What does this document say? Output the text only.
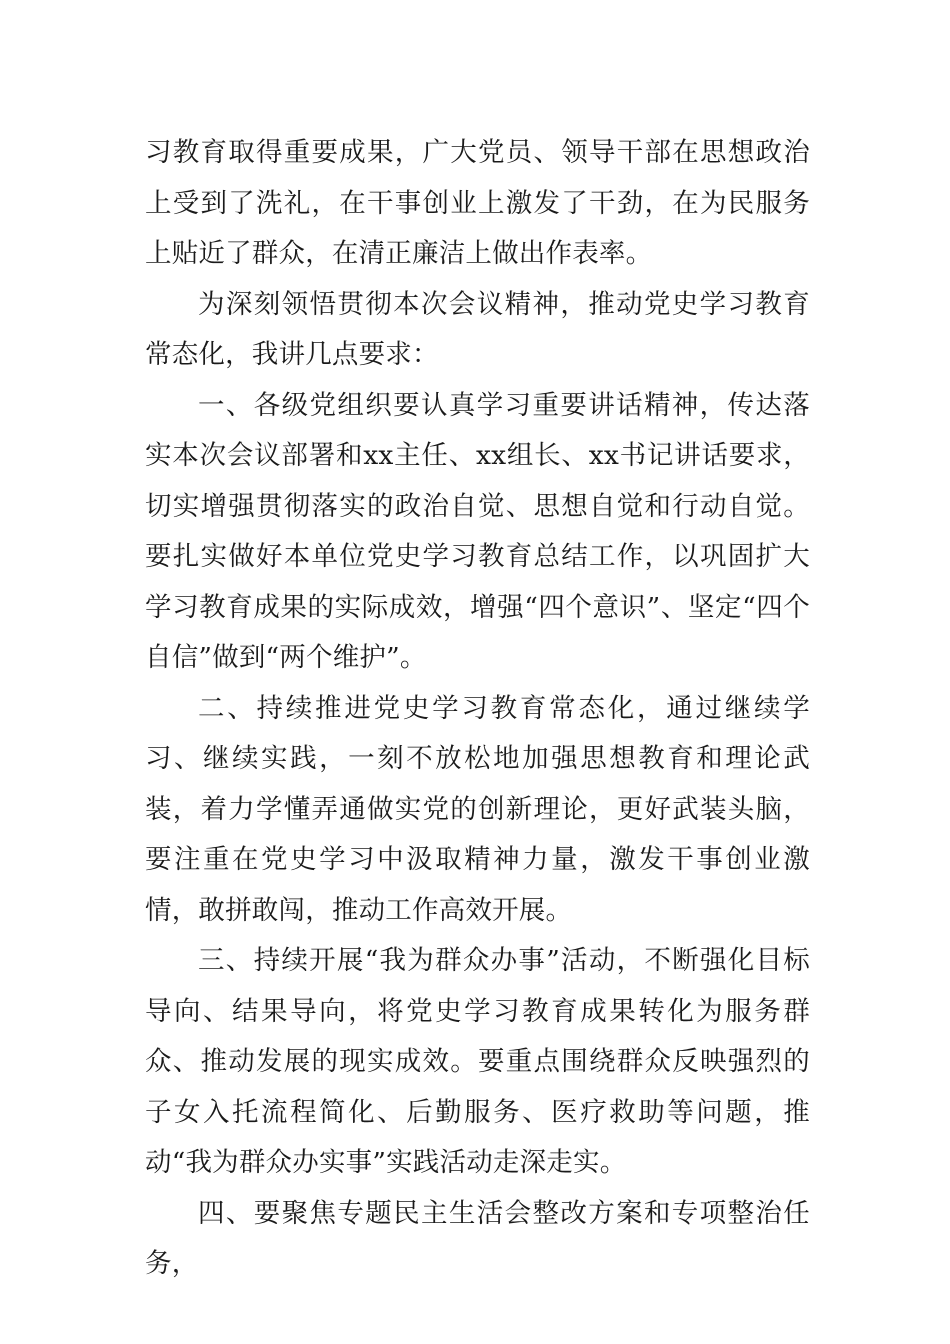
习教育取得重要成果，广大党员、领导干部在思想政治上受到了洗礼，在干事创业上激发了干劲，在为民服务上贴近了群众，在清正廉洁上做出作表率。

为深刻领悟贯彻本次会议精神，推动党史学习教育常态化，我讲几点要求：

一、各级党组织要认真学习重要讲话精神，传达落实本次会议部署和xx主任、xx组长、xx书记讲话要求，切实增强贯彻落实的政治自觉、思想自觉和行动自觉。要扎实做好本单位党史学习教育总结工作，以巩固扩大学习教育成果的实际成效，增强“四个意识”、坚定“四个自信”做到“两个维护”。

二、持续推进党史学习教育常态化，通过继续学习、继续实践，一刻不放松地加强思想教育和理论武装，着力学懂弄通做实党的创新理论，更好武装头脑，要注重在党史学习中汲取精神力量，激发干事创业激情，敢拼敢闯，推动工作高效开展。

三、持续开展“我为群众办事”活动，不断强化目标导向、结果导向，将党史学习教育成果转化为服务群众、推动发展的现实成效。要重点围绕群众反映强烈的子女入托流程简化、后勤服务、医疗救助等问题，推动“我为群众办实事”实践活动走深走实。

四、要聚焦专题民主生活会整改方案和专项整治任务，
